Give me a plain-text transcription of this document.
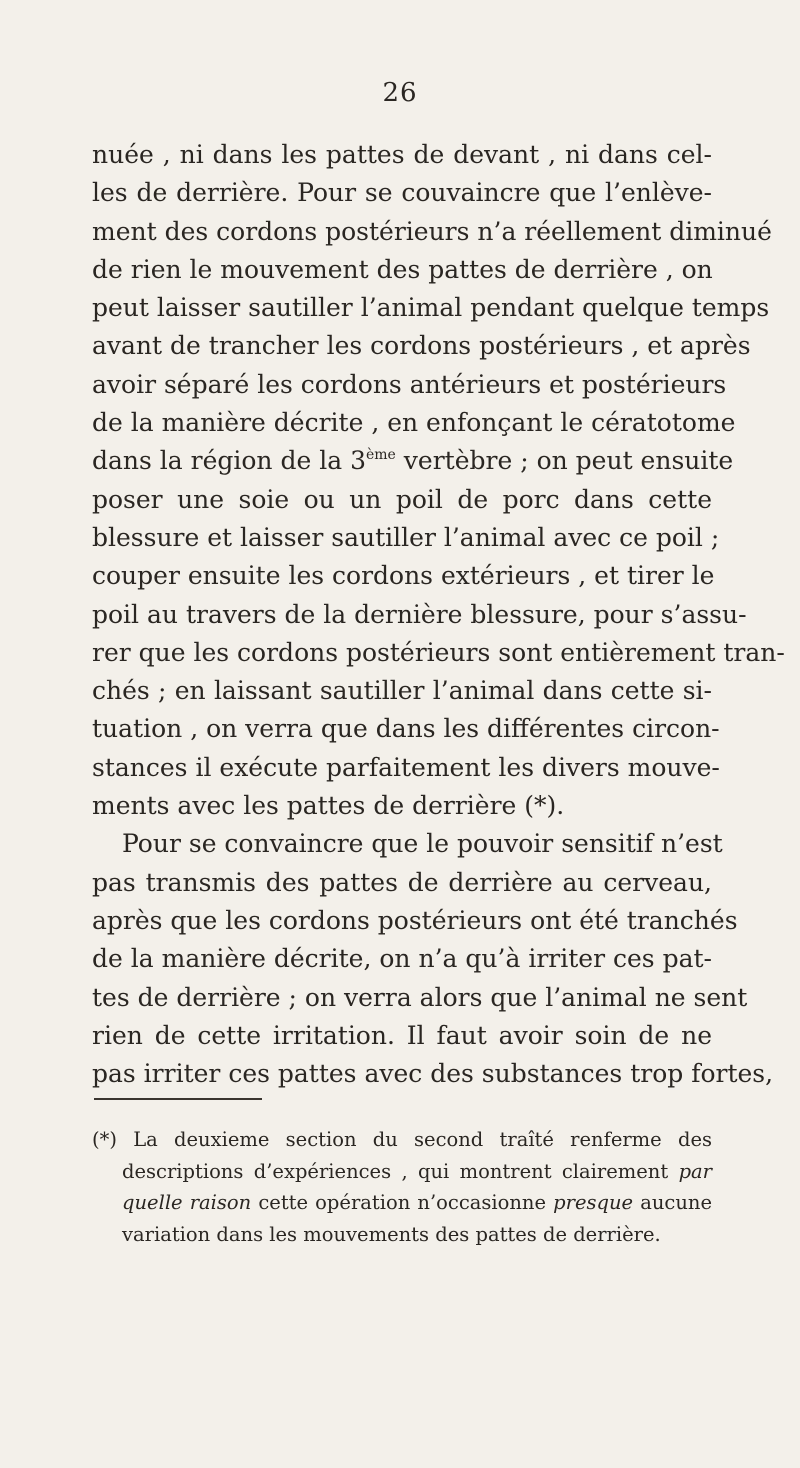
26
nuée , ni dans les pattes de devant , ni dans cel-
les de derrière. Pour se couvaincre que l’enlève-
ment des cordons postérieurs n’a réellement diminué
de rien le mouvement des pattes de derrière , on
peut laisser sautiller l’animal pendant quelque temps
avant de trancher les cordons postérieurs , et après
avoir séparé les cordons antérieurs et postérieurs
de la manière décrite , en enfonçant le cératotome
dans la région de la 3ème vertèbre ; on peut ensuite
poser une soie ou un poil de porc dans cette
blessure et laisser sautiller l’animal avec ce poil ;
couper ensuite les cordons extérieurs , et tirer le
poil au travers de la dernière blessure, pour s’assu-
rer que les cordons postérieurs sont entièrement tran-
chés ; en laissant sautiller l’animal dans cette si-
tuation , on verra que dans les différentes circon-
stances il exécute parfaitement les divers mouve-
ments avec les pattes de derrière (*).
Pour se convaincre que le pouvoir sensitif n’est
pas transmis des pattes de derrière au cerveau,
après que les cordons postérieurs ont été tranchés
de la manière décrite, on n’a qu’à irriter ces pat-
tes de derrière ; on verra alors que l’animal ne sent
rien de cette irritation. Il faut avoir soin de ne
pas irriter ces pattes avec des substances trop fortes,
(*) La deuxieme section du second traîté renferme des
descriptions d’expériences , qui montrent clairement par
quelle raison cette opération n’occasionne presque aucune
variation dans les mouvements des pattes de derrière.
